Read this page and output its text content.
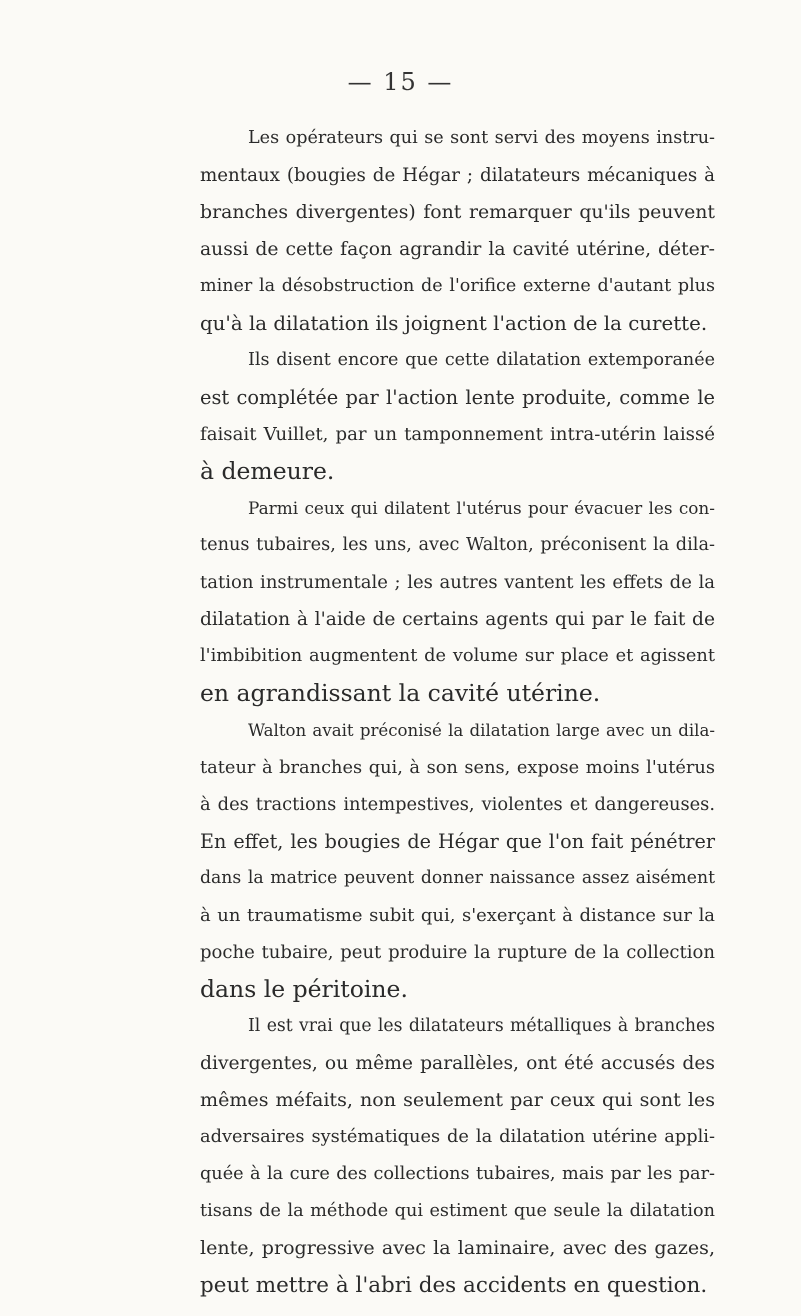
— 15 —
Les opérateurs qui se sont servi des moyens instru-
mentaux (bougies de Hégar ; dilatateurs mécaniques à
branches divergentes) font remarquer qu'ils peuvent
aussi de cette façon agrandir la cavité utérine, déter-
miner la désobstruction de l'orifice externe d'autant plus
qu'à la dilatation ils joignent l'action de la curette.
Ils disent encore que cette dilatation extemporanée
est complétée par l'action lente produite, comme le
faisait Vuillet, par un tamponnement intra-utérin laissé
à demeure.
Parmi ceux qui dilatent l'utérus pour évacuer les con-
tenus tubaires, les uns, avec Walton, préconisent la dila-
tation instrumentale ; les autres vantent les effets de la
dilatation à l'aide de certains agents qui par le fait de
l'imbibition augmentent de volume sur place et agissent
en agrandissant la cavité utérine.
Walton avait préconisé la dilatation large avec un dila-
tateur à branches qui, à son sens, expose moins l'utérus
à des tractions intempestives, violentes et dangereuses.
En effet, les bougies de Hégar que l'on fait pénétrer
dans la matrice peuvent donner naissance assez aisément
à un traumatisme subit qui, s'exerçant à distance sur la
poche tubaire, peut produire la rupture de la collection
dans le péritoine.
Il est vrai que les dilatateurs métalliques à branches
divergentes, ou même parallèles, ont été accusés des
mêmes méfaits, non seulement par ceux qui sont les
adversaires systématiques de la dilatation utérine appli-
quée à la cure des collections tubaires, mais par les par-
tisans de la méthode qui estiment que seule la dilatation
lente, progressive avec la laminaire, avec des gazes,
peut mettre à l'abri des accidents en question.
